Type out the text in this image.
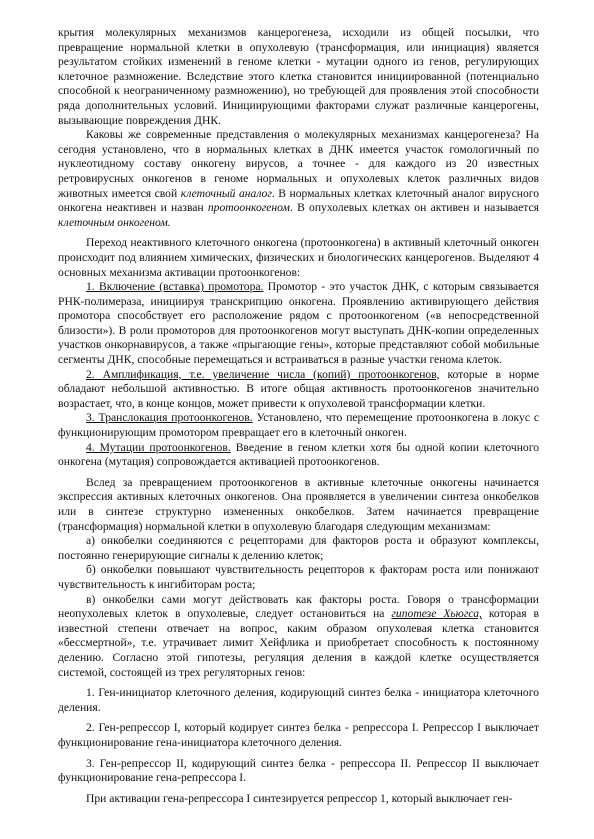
крытия молекулярных механизмов канцерогенеза, исходили из общей посылки, что превращение нормальной клетки в опухолевую (трансформация, или инициация) является результатом стойких изменений в геноме клетки - мутации одного из генов, регулирующих клеточное размножение. Вследствие этого клетка становится инициированной (потенциально способной к неограниченному размножению), но требующей для проявления этой способности ряда дополнительных условий. Инициирующими факторами служат различные канцерогены, вызывающие повреждения ДНК.

Каковы же современные представления о молекулярных механизмах канцерогенеза? На сегодня установлено, что в нормальных клетках в ДНК имеется участок гомологичный по нуклеотидному составу онкогену вирусов, а точнее - для каждого из 20 известных ретровирусных онкогенов в геноме нормальных и опухолевых клеток различных видов животных имеется свой клеточный аналог. В нормальных клетках клеточный аналог вирусного онкогена неактивен и назван протоонкогеном. В опухолевых клетках он активен и называется клеточным онкогеном.

Переход неактивного клеточного онкогена (протоонкогена) в активный клеточный онкоген происходит под влиянием химических, физических и биологических канцерогенов. Выделяют 4 основных механизма активации протоонкогенов:

1. Включение (вставка) промотора. Промотор - это участок ДНК, с которым связывается РНК-полимераза, инициируя транскрипцию онкогена. Проявлению активирующего действия промотора способствует его расположение рядом с протоонкогеном («в непосредственной близости»). В роли промоторов для протоонкогенов могут выступать ДНК-копии определенных участков онкорнавирусов, а также «прыгающие гены», которые представляют собой мобильные сегменты ДНК, способные перемещаться и встраиваться в разные участки генома клеток.

2. Амплификация, т.е. увеличение числа (копий) протоонкогенов, которые в норме обладают небольшой активностью. В итоге общая активность протоонкогенов значительно возрастает, что, в конце концов, может привести к опухолевой трансформации клетки.

3. Транслокация протоонкогенов. Установлено, что перемещение протоонкогена в локус с функционирующим промотором превращает его в клеточный онкоген.

4. Мутации протоонкогенов. Введение в геном клетки хотя бы одной копии клеточного онкогена (мутация) сопровождается активацией протоонкогенов.

Вслед за превращением протоонкогенов в активные клеточные онкогены начинается экспрессия активных клеточных онкогенов. Она проявляется в увеличении синтеза онкобелков или в синтезе структурно измененных онкобелков. Затем начинается превращение (трансформация) нормальной клетки в опухолевую благодаря следующим механизмам:

а) онкобелки соединяются с рецепторами для факторов роста и образуют комплексы, постоянно генерирующие сигналы к делению клеток;

б) онкобелки повышают чувствительность рецепторов к факторам роста или понижают чувствительность к ингибиторам роста;

в) онкобелки сами могут действовать как факторы роста. Говоря о трансформации неопухолевых клеток в опухолевые, следует остановиться на гипотезе Хьюгса, которая в известной степени отвечает на вопрос, каким образом опухолевая клетка становится «бессмертной», т.е. утрачивает лимит Хейфлика и приобретает способность к постоянному делению. Согласно этой гипотезы, регуляция деления в каждой клетке осуществляется системой, состоящей из трех регуляторных генов:

1. Ген-инициатор клеточного деления, кодирующий синтез белка - инициатора клеточного деления.

2. Ген-репрессор I, который кодирует синтез белка - репрессора I. Репрессор I выключает функционирование гена-инициатора клеточного деления.

3. Ген-репрессор II, кодирующий синтез белка - репрессора II. Репрессор II выключает функционирование гена-репрессора I.

При активации гена-репрессора I синтезируется репрессор 1, который выключает ген-
